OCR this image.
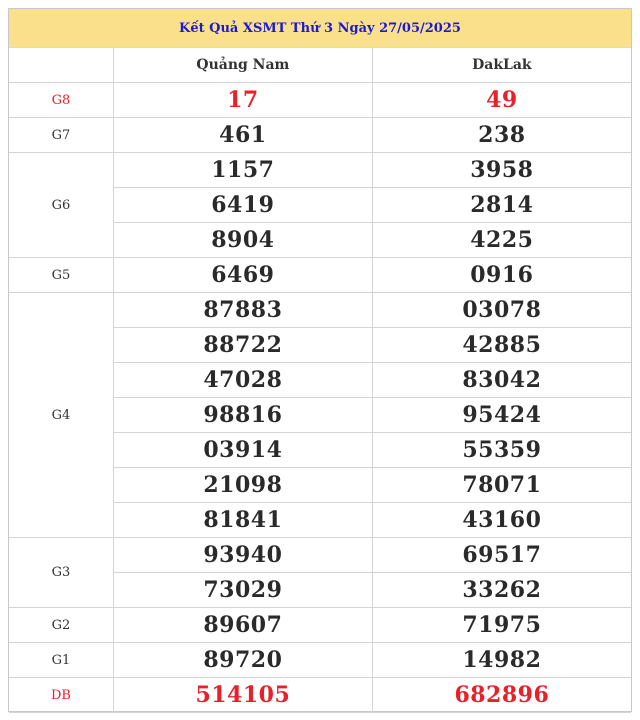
Kết Quả XSMT Thứ 3 Ngày 27/05/2025
	Quảng Nam	DakLak
G8	17	49
G7	461	238
G6	1157	3958
	6419	2814
	8904	4225
G5	6469	0916
G4	87883	03078
	88722	42885
	47028	83042
	98816	95424
	03914	55359
	21098	78071
	81841	43160
G3	93940	69517
	73029	33262
G2	89607	71975
G1	89720	14982
DB	514105	682896
